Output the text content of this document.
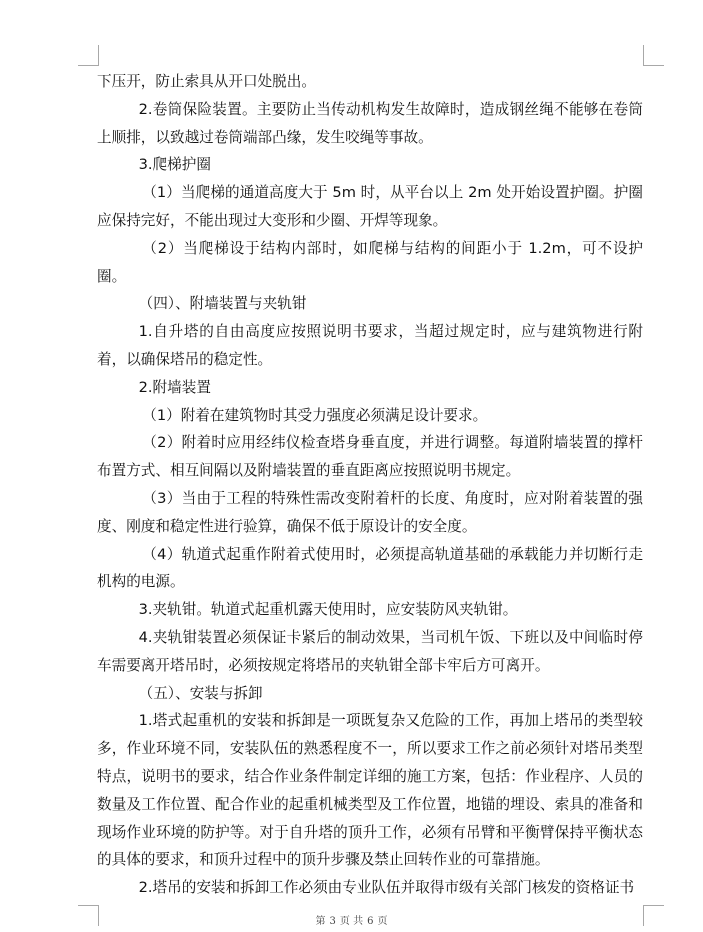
下压开，防止索具从开口处脱出。

2.卷筒保险装置。主要防止当传动机构发生故障时，造成钢丝绳不能够在卷筒上顺排，以致越过卷筒端部凸缘，发生咬绳等事故。

3.爬梯护圈

（1）当爬梯的通道高度大于 5m 时，从平台以上 2m 处开始设置护圈。护圈应保持完好，不能出现过大变形和少圈、开焊等现象。

（2）当爬梯设于结构内部时，如爬梯与结构的间距小于 1.2m，可不设护圈。

（四）、附墙装置与夹轨钳

1.自升塔的自由高度应按照说明书要求，当超过规定时，应与建筑物进行附着，以确保塔吊的稳定性。

2.附墙装置

（1）附着在建筑物时其受力强度必须满足设计要求。

（2）附着时应用经纬仪检查塔身垂直度，并进行调整。每道附墙装置的撑杆布置方式、相互间隔以及附墙装置的垂直距离应按照说明书规定。

（3）当由于工程的特殊性需改变附着杆的长度、角度时，应对附着装置的强度、刚度和稳定性进行验算，确保不低于原设计的安全度。

（4）轨道式起重作附着式使用时，必须提高轨道基础的承载能力并切断行走机构的电源。

3.夹轨钳。轨道式起重机露天使用时，应安装防风夹轨钳。

4.夹轨钳装置必须保证卡紧后的制动效果，当司机午饭、下班以及中间临时停车需要离开塔吊时，必须按规定将塔吊的夹轨钳全部卡牢后方可离开。

（五）、安装与拆卸

1.塔式起重机的安装和拆卸是一项既复杂又危险的工作，再加上塔吊的类型较多，作业环境不同，安装队伍的熟悉程度不一，所以要求工作之前必须针对塔吊类型特点，说明书的要求，结合作业条件制定详细的施工方案，包括：作业程序、人员的数量及工作位置、配合作业的起重机械类型及工作位置，地锚的埋设、索具的准备和现场作业环境的防护等。对于自升塔的顶升工作，必须有吊臂和平衡臂保持平衡状态的具体的要求，和顶升过程中的顶升步骤及禁止回转作业的可靠措施。

2.塔吊的安装和拆卸工作必须由专业队伍并取得市级有关部门核发的资格证书

第 3 页 共 6 页
